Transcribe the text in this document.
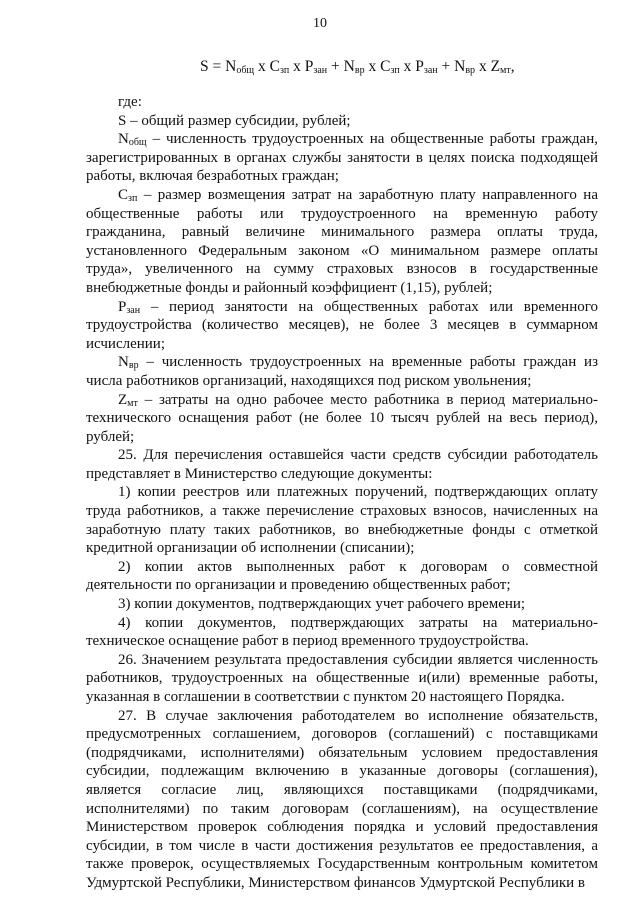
10
$S = N_{общ}$ x $C_{зп}$ x $P_{зан} + N_{вр}$ x $C_{зп}$ x $P_{зан} + N_{вр}$ x $Z_{мт}$,

где:

S – общий размер субсидии, рублей;

$N_{общ}$ – численность трудоустроенных на общественные работы граждан, зарегистрированных в органах службы занятости в целях поиска подходящей работы, включая безработных граждан;

$C_{зп}$ – размер возмещения затрат на заработную плату направленного на общественные работы или трудоустроенного на временную работу гражданина, равный величине минимального размера оплаты труда, установленного Федеральным законом «О минимальном размере оплаты труда», увеличенного на сумму страховых взносов в государственные внебюджетные фонды и районный коэффициент (1,15), рублей;

$P_{зан}$ – период занятости на общественных работах или временного трудоустройства (количество месяцев), не более 3 месяцев в суммарном исчислении;

$N_{вр}$ – численность трудоустроенных на временные работы граждан из числа работников организаций, находящихся под риском увольнения;

$Z_{мт}$ – затраты на одно рабочее место работника в период материально-технического оснащения работ (не более 10 тысяч рублей на весь период), рублей;

25. Для перечисления оставшейся части средств субсидии работодатель представляет в Министерство следующие документы:

1) копии реестров или платежных поручений, подтверждающих оплату труда работников, а также перечисление страховых взносов, начисленных на заработную плату таких работников, во внебюджетные фонды с отметкой кредитной организации об исполнении (списании);

2) копии актов выполненных работ к договорам о совместной деятельности по организации и проведению общественных работ;

3) копии документов, подтверждающих учет рабочего времени;

4) копии документов, подтверждающих затраты на материально-техническое оснащение работ в период временного трудоустройства.

26. Значением результата предоставления субсидии является численность работников, трудоустроенных на общественные и(или) временные работы, указанная в соглашении в соответствии с пунктом 20 настоящего Порядка.

27. В случае заключения работодателем во исполнение обязательств, предусмотренных соглашением, договоров (соглашений) с поставщиками (подрядчиками, исполнителями) обязательным условием предоставления субсидии, подлежащим включению в указанные договоры (соглашения), является согласие лиц, являющихся поставщиками (подрядчиками, исполнителями) по таким договорам (соглашениям), на осуществление Министерством проверок соблюдения порядка и условий предоставления субсидии, в том числе в части достижения результатов ее предоставления, а также проверок, осуществляемых Государственным контрольным комитетом Удмуртской Республики, Министерством финансов Удмуртской Республики в
